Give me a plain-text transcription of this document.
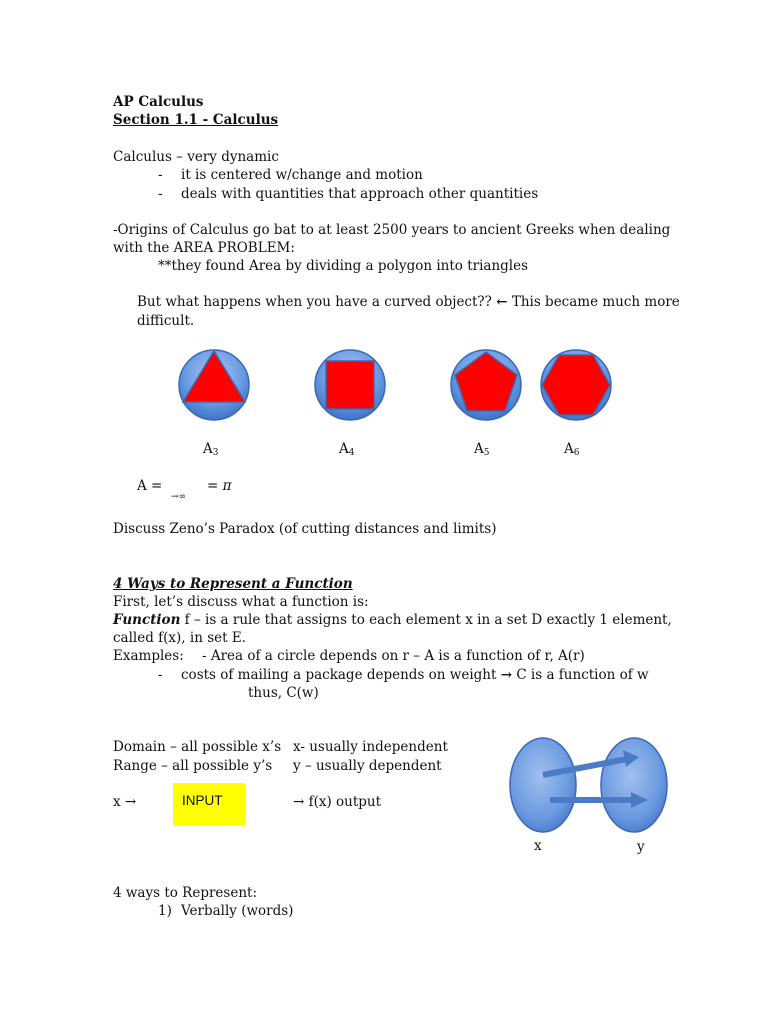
AP Calculus
Section 1.1 - Calculus
Calculus – very dynamic
- it is centered w/change and motion
- deals with quantities that approach other quantities
-Origins of Calculus go bat to at least 2500 years to ancient Greeks when dealing
with the AREA PROBLEM:
**they found Area by dividing a polygon into triangles
But what happens when you have a curved object?? ← This became much more
difficult.
$A_3$	$A_4$	$A_5$	$A_6$
A =
→∞
= π
Discuss Zeno’s Paradox (of cutting distances and limits)
4 Ways to Represent a Function
First, let’s discuss what a function is:
Function f – is a rule that assigns to each element x in a set D exactly 1 element,
called f(x), in set E.
Examples: - Area of a circle depends on r – A is a function of r, A(r)
- costs of mailing a package depends on weight → C is a function of w
thus, C(w)
Domain – all possible x’s x- usually independent
Range – all possible y’s y – usually dependent
x →	INPUT	→ f(x) output
x	y
4 ways to Represent:
1) Verbally (words)
